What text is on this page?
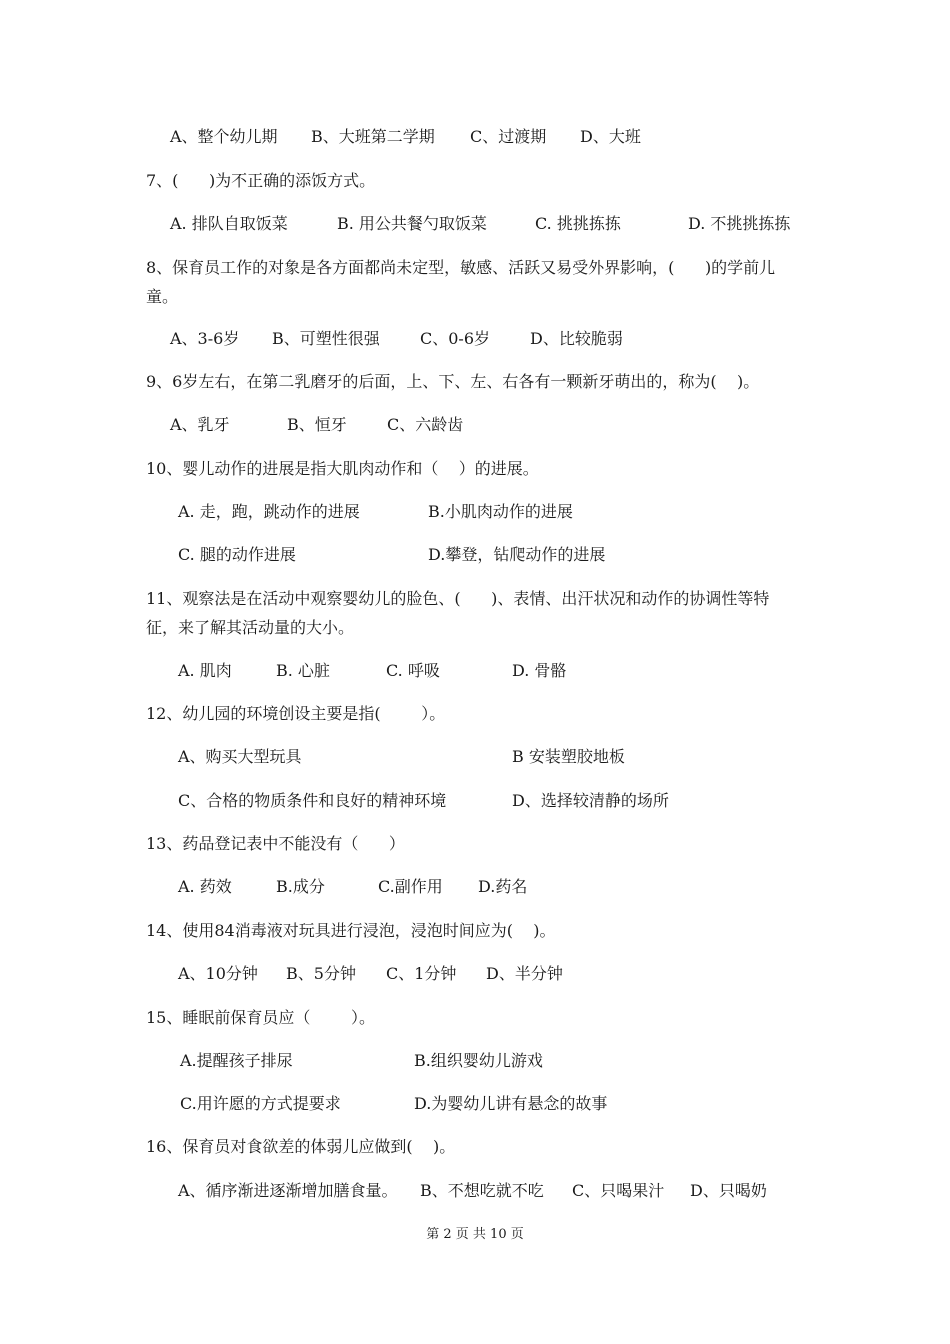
A、整个幼儿期 B、大班第二学期 C、过渡期 D、大班
7、(      )为不正确的添饭方式。
A. 排队自取饭菜	B. 用公共餐勺取饭菜	C. 挑挑拣拣	D. 不挑挑拣拣
8、保育员工作的对象是各方面都尚未定型，敏感、活跃又易受外界影响，(      )的学前儿
童。
A、3-6岁 B、可塑性很强	C、0-6岁 D、比较脆弱
9、6岁左右，在第二乳磨牙的后面，上、下、左、右各有一颗新牙萌出的，称为(    )。
A、乳牙	B、恒牙	C、六龄齿
10、婴儿动作的进展是指大肌肉动作和（    ）的进展。
A. 走，跑，跳动作的进展	B.小肌肉动作的进展
C. 腿的动作进展	D.攀登，钻爬动作的进展
11、观察法是在活动中观察婴幼儿的脸色、(      )、表情、出汗状况和动作的协调性等特
征，来了解其活动量的大小。
A. 肌肉	B. 心脏	C. 呼吸	D. 骨骼
12、幼儿园的环境创设主要是指(        ）。
A、购买大型玩具	B 安装塑胶地板
C、合格的物质条件和良好的精神环境	D、选择较清静的场所
13、药品登记表中不能没有（      ）
A. 药效	B.成分	C.副作用 D.药名
14、使用84消毒液对玩具进行浸泡，浸泡时间应为(    )。
A、10分钟 B、5分钟 C、1分钟 D、半分钟
15、睡眠前保育员应（        ）。
A.提醒孩子排尿	B.组织婴幼儿游戏
C.用许愿的方式提要求	D.为婴幼儿讲有悬念的故事
16、保育员对食欲差的体弱儿应做到(    )。
A、循序渐进逐渐增加膳食量。 B、不想吃就不吃 C、只喝果汁 D、只喝奶
第 2 页 共 10 页
